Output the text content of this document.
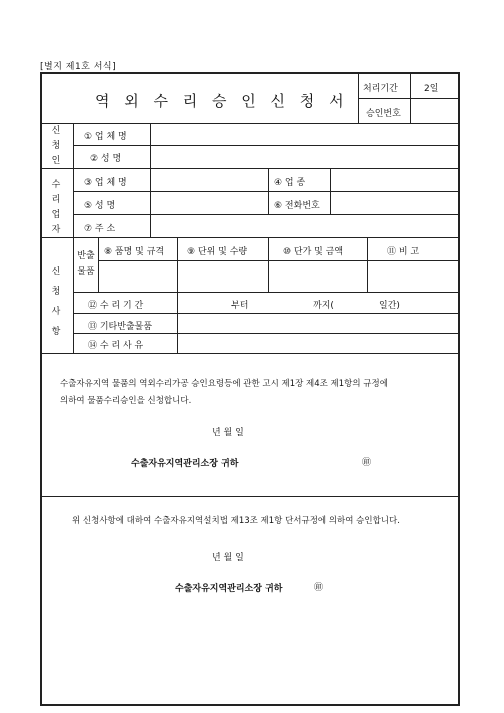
[별지 제1호 서식]
역 외 수 리 승 인 신 청 서
처리기간	2일
승인번호
신청인
① 업 체 명
② 성 명
수리업자
③ 업 체 명	④ 업 종
⑤ 성 명	⑥ 전화번호
⑦ 주 소
신청사항
반출물품
⑧ 품명 및 규격	⑨ 단위 및 수량	⑩ 단가 및 금액	⑪ 비 고
⑫ 수 리 기 간	부터	까지(	일간)
⑬ 기타반출물품
⑭ 수 리 사 유
수출자유지역 물품의 역외수리가공 승인요령등에 관한 고시 제1장 제4조 제1항의 규정에
의하여 물품수리승인을 신청합니다.
년 월 일
수출자유지역관리소장 귀하	㊞
위 신청사항에 대하여 수출자유지역설치법 제13조 제1항 단서규정에 의하여 승인합니다.
년 월 일
수출자유지역관리소장 귀하	㊞
